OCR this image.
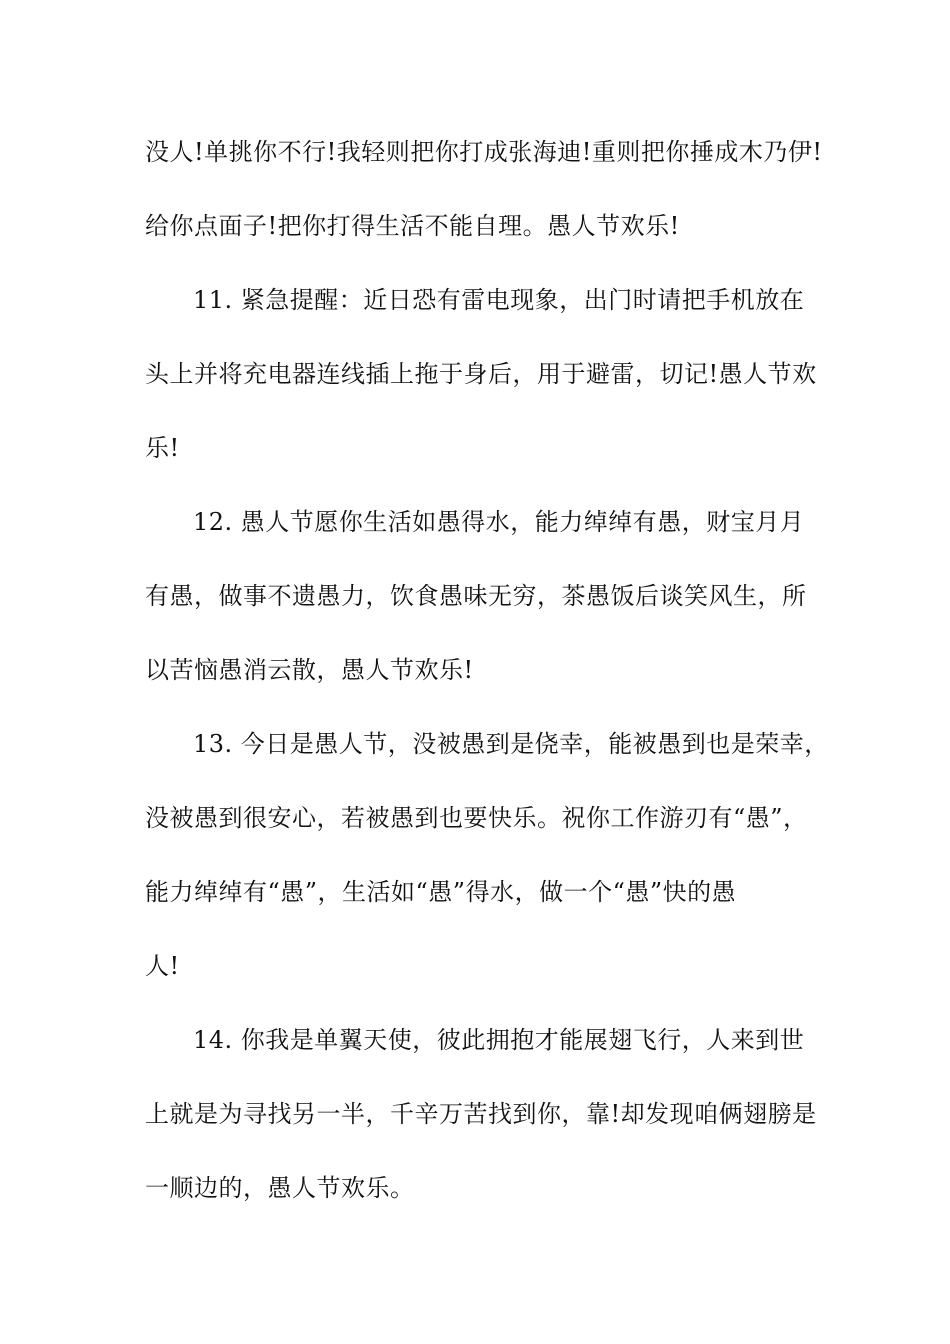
没人!单挑你不行!我轻则把你打成张海迪!重则把你捶成木乃伊!
给你点面子!把你打得生活不能自理。愚人节欢乐!
11. 紧急提醒：近日恐有雷电现象，出门时请把手机放在
头上并将充电器连线插上拖于身后，用于避雷，切记!愚人节欢
乐!
12. 愚人节愿你生活如愚得水，能力绰绰有愚，财宝月月
有愚，做事不遗愚力，饮食愚味无穷，茶愚饭后谈笑风生，所
以苦恼愚消云散，愚人节欢乐!
13. 今日是愚人节，没被愚到是侥幸，能被愚到也是荣幸，
没被愚到很安心，若被愚到也要快乐。祝你工作游刃有“愚”，
能力绰绰有“愚”，生活如“愚”得水，做一个“愚”快的愚
人!
14. 你我是单翼天使，彼此拥抱才能展翅飞行，人来到世
上就是为寻找另一半，千辛万苦找到你，靠!却发现咱俩翅膀是
一顺边的，愚人节欢乐。
